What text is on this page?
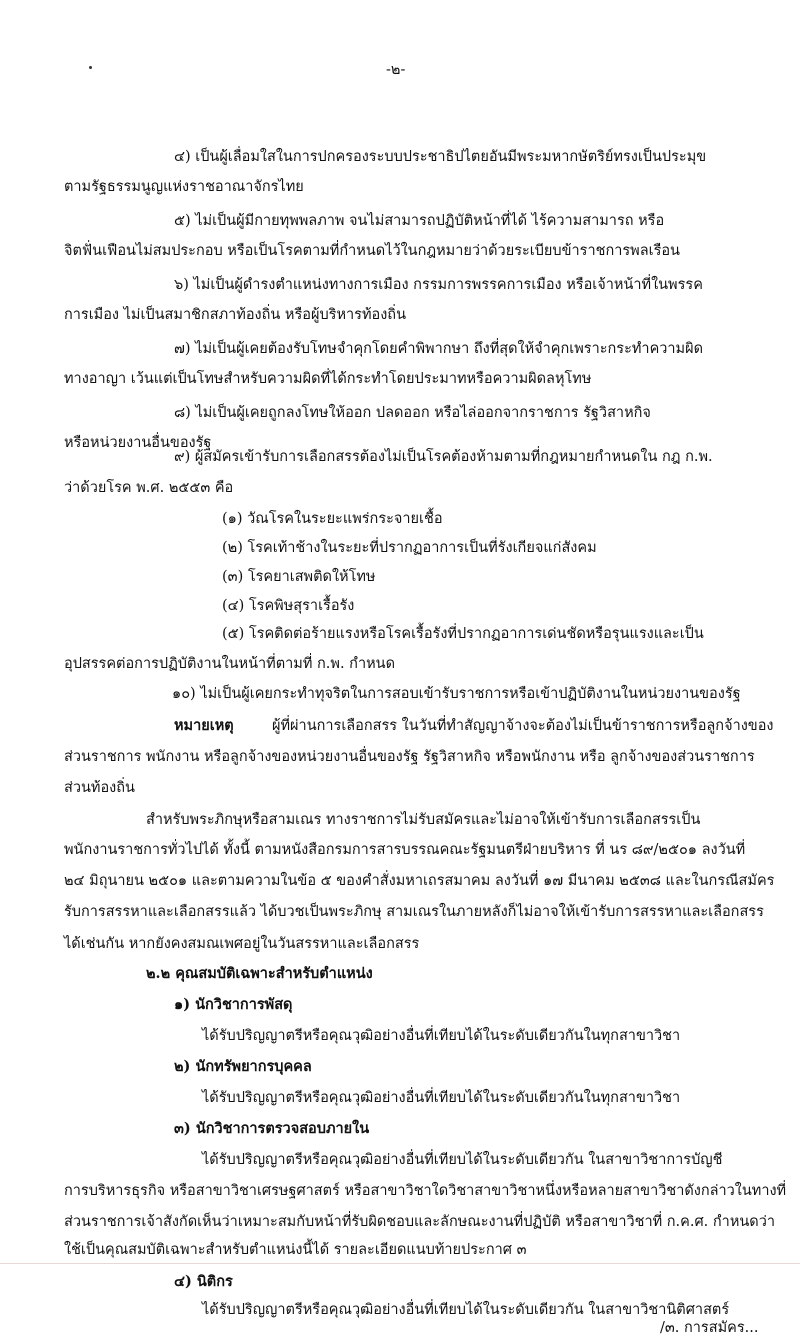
-๒-
๔) เป็นผู้เลื่อมใสในการปกครองระบบประชาธิปไตยอันมีพระมหากษัตริย์ทรงเป็นประมุข
ตามรัฐธรรมนูญแห่งราชอาณาจักรไทย
๕) ไม่เป็นผู้มีกายทุพพลภาพ จนไม่สามารถปฏิบัติหน้าที่ได้ ไร้ความสามารถ หรือ
จิตฟั่นเฟือนไม่สมประกอบ หรือเป็นโรคตามที่กำหนดไว้ในกฎหมายว่าด้วยระเบียบข้าราชการพลเรือน
๖) ไม่เป็นผู้ดำรงตำแหน่งทางการเมือง กรรมการพรรคการเมือง หรือเจ้าหน้าที่ในพรรค
การเมือง ไม่เป็นสมาชิกสภาท้องถิ่น หรือผู้บริหารท้องถิ่น
๗) ไม่เป็นผู้เคยต้องรับโทษจำคุกโดยคำพิพากษา ถึงที่สุดให้จำคุกเพราะกระทำความผิด
ทางอาญา เว้นแต่เป็นโทษสำหรับความผิดที่ได้กระทำโดยประมาทหรือความผิดลหุโทษ
๘) ไม่เป็นผู้เคยถูกลงโทษให้ออก ปลดออก หรือไล่ออกจากราชการ รัฐวิสาหกิจ
หรือหน่วยงานอื่นของรัฐ
๙) ผู้สมัครเข้ารับการเลือกสรรต้องไม่เป็นโรคต้องห้ามตามที่กฎหมายกำหนดใน กฎ ก.พ.
ว่าด้วยโรค พ.ศ. ๒๕๕๓ คือ
(๑) วัณโรคในระยะแพร่กระจายเชื้อ
(๒) โรคเท้าช้างในระยะที่ปรากฏอาการเป็นที่รังเกียจแก่สังคม
(๓) โรคยาเสพติดให้โทษ
(๔) โรคพิษสุราเรื้อรัง
(๕) โรคติดต่อร้ายแรงหรือโรคเรื้อรังที่ปรากฏอาการเด่นชัดหรือรุนแรงและเป็น
อุปสรรคต่อการปฏิบัติงานในหน้าที่ตามที่ ก.พ. กำหนด
๑๐) ไม่เป็นผู้เคยกระทำทุจริตในการสอบเข้ารับราชการหรือเข้าปฏิบัติงานในหน่วยงานของรัฐ
หมายเหตุ	ผู้ที่ผ่านการเลือกสรร ในวันที่ทำสัญญาจ้างจะต้องไม่เป็นข้าราชการหรือลูกจ้างของ
ส่วนราชการ พนักงาน หรือลูกจ้างของหน่วยงานอื่นของรัฐ รัฐวิสาหกิจ หรือพนักงาน หรือ ลูกจ้างของส่วนราชการ
ส่วนท้องถิ่น
สำหรับพระภิกษุหรือสามเณร ทางราชการไม่รับสมัครและไม่อาจให้เข้ารับการเลือกสรรเป็น
พนักงานราชการทั่วไปได้ ทั้งนี้ ตามหนังสือกรมการสารบรรณคณะรัฐมนตรีฝ่ายบริหาร ที่ นร ๘๙/๒๕๐๑ ลงวันที่
๒๔ มิถุนายน ๒๕๐๑ และตามความในข้อ ๕ ของคำสั่งมหาเถรสมาคม ลงวันที่ ๑๗ มีนาคม ๒๕๓๘ และในกรณีสมัคร
รับการสรรหาและเลือกสรรแล้ว ได้บวชเป็นพระภิกษุ สามเณรในภายหลังก็ไม่อาจให้เข้ารับการสรรหาและเลือกสรร
ได้เช่นกัน หากยังคงสมณเพศอยู่ในวันสรรหาและเลือกสรร
๒.๒ คุณสมบัติเฉพาะสำหรับตำแหน่ง
๑) นักวิชาการพัสดุ
ได้รับปริญญาตรีหรือคุณวุฒิอย่างอื่นที่เทียบได้ในระดับเดียวกันในทุกสาขาวิชา
๒) นักทรัพยากรบุคคล
ได้รับปริญญาตรีหรือคุณวุฒิอย่างอื่นที่เทียบได้ในระดับเดียวกันในทุกสาขาวิชา
๓) นักวิชาการตรวจสอบภายใน
ได้รับปริญญาตรีหรือคุณวุฒิอย่างอื่นที่เทียบได้ในระดับเดียวกัน ในสาขาวิชาการบัญชี
การบริหารธุรกิจ หรือสาขาวิชาเศรษฐศาสตร์ หรือสาขาวิชาใดวิชาสาขาวิชาหนึ่งหรือหลายสาขาวิชาดังกล่าวในทางที่
ส่วนราชการเจ้าสังกัดเห็นว่าเหมาะสมกับหน้าที่รับผิดชอบและลักษณะงานที่ปฏิบัติ หรือสาขาวิชาที่ ก.ค.ศ. กำหนดว่า
ใช้เป็นคุณสมบัติเฉพาะสำหรับตำแหน่งนี้ได้ รายละเอียดแนบท้ายประกาศ ๓
๔) นิติกร
ได้รับปริญญาตรีหรือคุณวุฒิอย่างอื่นที่เทียบได้ในระดับเดียวกัน ในสาขาวิชานิติศาสตร์
/๓. การสมัคร...
